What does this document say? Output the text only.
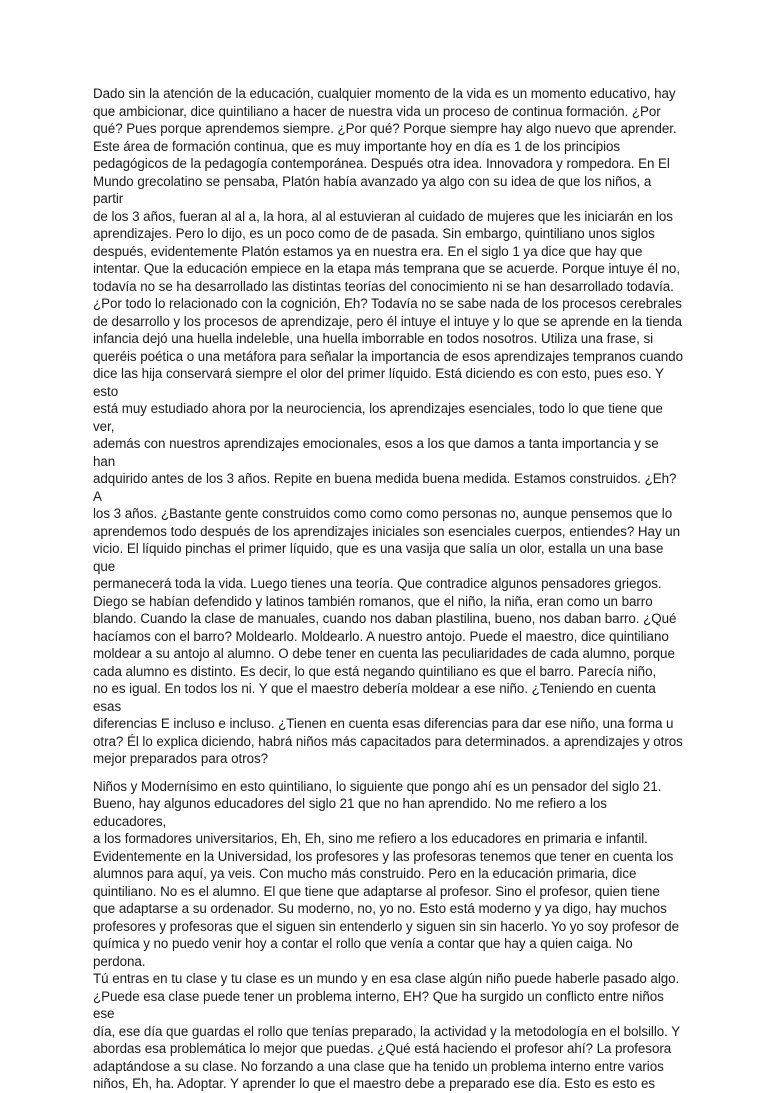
Dado sin la atención de la educación, cualquier momento de la vida es un momento educativo, hay
que ambicionar, dice quintiliano a hacer de nuestra vida un proceso de continua formación. ¿Por
qué? Pues porque aprendemos siempre. ¿Por qué? Porque siempre hay algo nuevo que aprender.
Este área de formación continua, que es muy importante hoy en día es 1 de los principios
pedagógicos de la pedagogía contemporánea. Después otra idea. Innovadora y rompedora. En El
Mundo grecolatino se pensaba, Platón había avanzado ya algo con su idea de que los niños, a partir
de los 3 años, fueran al al a, la hora, al al estuvieran al cuidado de mujeres que les iniciarán en los
aprendizajes. Pero lo dijo, es un poco como de de pasada. Sin embargo, quintiliano unos siglos
después, evidentemente Platón estamos ya en nuestra era. En el siglo 1 ya dice que hay que
intentar. Que la educación empiece en la etapa más temprana que se acuerde. Porque intuye él no,
todavía no se ha desarrollado las distintas teorías del conocimiento ni se han desarrollado todavía.
¿Por todo lo relacionado con la cognición, Eh? Todavía no se sabe nada de los procesos cerebrales
de desarrollo y los procesos de aprendizaje, pero él intuye el intuye y lo que se aprende en la tienda
infancia dejó una huella indeleble, una huella imborrable en todos nosotros. Utiliza una frase, si
queréis poética o una metáfora para señalar la importancia de esos aprendizajes tempranos cuando
dice las hija conservará siempre el olor del primer líquido. Está diciendo es con esto, pues eso. Y esto
está muy estudiado ahora por la neurociencia, los aprendizajes esenciales, todo lo que tiene que ver,
además con nuestros aprendizajes emocionales, esos a los que damos a tanta importancia y se han
adquirido antes de los 3 años. Repite en buena medida buena medida. Estamos construidos. ¿Eh? A
los 3 años. ¿Bastante gente construidos como como como personas no, aunque pensemos que lo
aprendemos todo después de los aprendizajes iniciales son esenciales cuerpos, entiendes? Hay un
vicio. El líquido pinchas el primer líquido, que es una vasija que salía un olor, estalla un una base que
permanecerá toda la vida. Luego tienes una teoría. Que contradice algunos pensadores griegos.
Diego se habían defendido y latinos también romanos, que el niño, la niña, eran como un barro
blando. Cuando la clase de manuales, cuando nos daban plastilina, bueno, nos daban barro. ¿Qué
hacíamos con el barro? Moldearlo. Moldearlo. A nuestro antojo. Puede el maestro, dice quintiliano
moldear a su antojo al alumno. O debe tener en cuenta las peculiaridades de cada alumno, porque
cada alumno es distinto. Es decir, lo que está negando quintiliano es que el barro. Parecía niño,
no es igual. En todos los ni. Y que el maestro debería moldear a ese niño. ¿Teniendo en cuenta esas
diferencias E incluso e incluso. ¿Tienen en cuenta esas diferencias para dar ese niño, una forma u
otra? Él lo explica diciendo, habrá niños más capacitados para determinados. a aprendizajes y otros
mejor preparados para otros?

Niños y Modernísimo en esto quintiliano, lo siguiente que pongo ahí es un pensador del siglo 21.
Bueno, hay algunos educadores del siglo 21 que no han aprendido. No me refiero a los educadores,
a los formadores universitarios, Eh, Eh, sino me refiero a los educadores en primaria e infantil.
Evidentemente en la Universidad, los profesores y las profesoras tenemos que tener en cuenta los
alumnos para aquí, ya veis. Con mucho más construido. Pero en la educación primaria, dice
quintiliano. No es el alumno. El que tiene que adaptarse al profesor. Sino el profesor, quien tiene
que adaptarse a su ordenador. Su moderno, no, yo no. Esto está moderno y ya digo, hay muchos
profesores y profesoras que el siguen sin entenderlo y siguen sin sin hacerlo. Yo yo soy profesor de
química y no puedo venir hoy a contar el rollo que venía a contar que hay a quien caiga. No perdona.
Tú entras en tu clase y tu clase es un mundo y en esa clase algún niño puede haberle pasado algo.
¿Puede esa clase puede tener un problema interno, EH? Que ha surgido un conflicto entre niños ese
día, ese día que guardas el rollo que tenías preparado, la actividad y la metodología en el bolsillo. Y
abordas esa problemática lo mejor que puedas. ¿Qué está haciendo el profesor ahí? La profesora
adaptándose a su clase. No forzando a una clase que ha tenido un problema interno entre varios
niños, Eh, ha. Adoptar. Y aprender lo que el maestro debe a preparado ese día. Esto es esto es
